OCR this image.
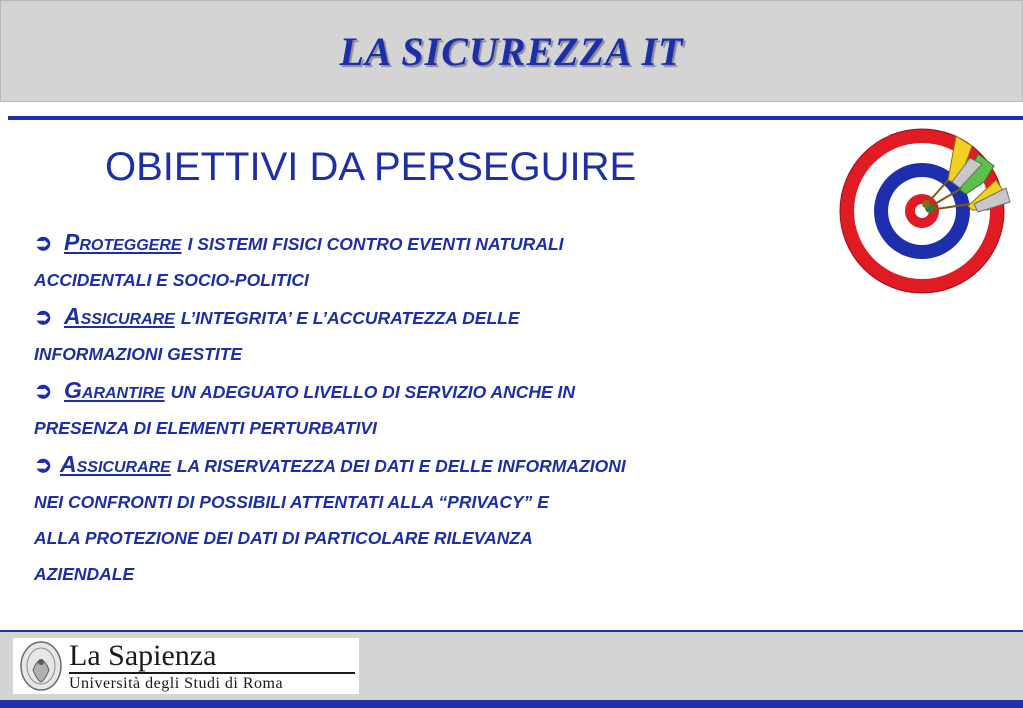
LA SICUREZZA IT
OBIETTIVI DA PERSEGUIRE
➲ Proteggere I SISTEMI FISICI CONTRO EVENTI NATURALI
ACCIDENTALI E SOCIO-POLITICI
➲ Assicurare L’INTEGRITA’ E L’ACCURATEZZA DELLE
INFORMAZIONI GESTITE
➲ Garantire UN ADEGUATO LIVELLO DI SERVIZIO ANCHE IN
PRESENZA DI ELEMENTI PERTURBATIVI
➲ Assicurare LA RISERVATEZZA DEI DATI E DELLE INFORMAZIONI
NEI CONFRONTI DI POSSIBILI ATTENTATI ALLA “PRIVACY” E
ALLA PROTEZIONE DEI DATI DI PARTICOLARE RILEVANZA
AZIENDALE
La Sapienza
Università degli Studi di Roma
